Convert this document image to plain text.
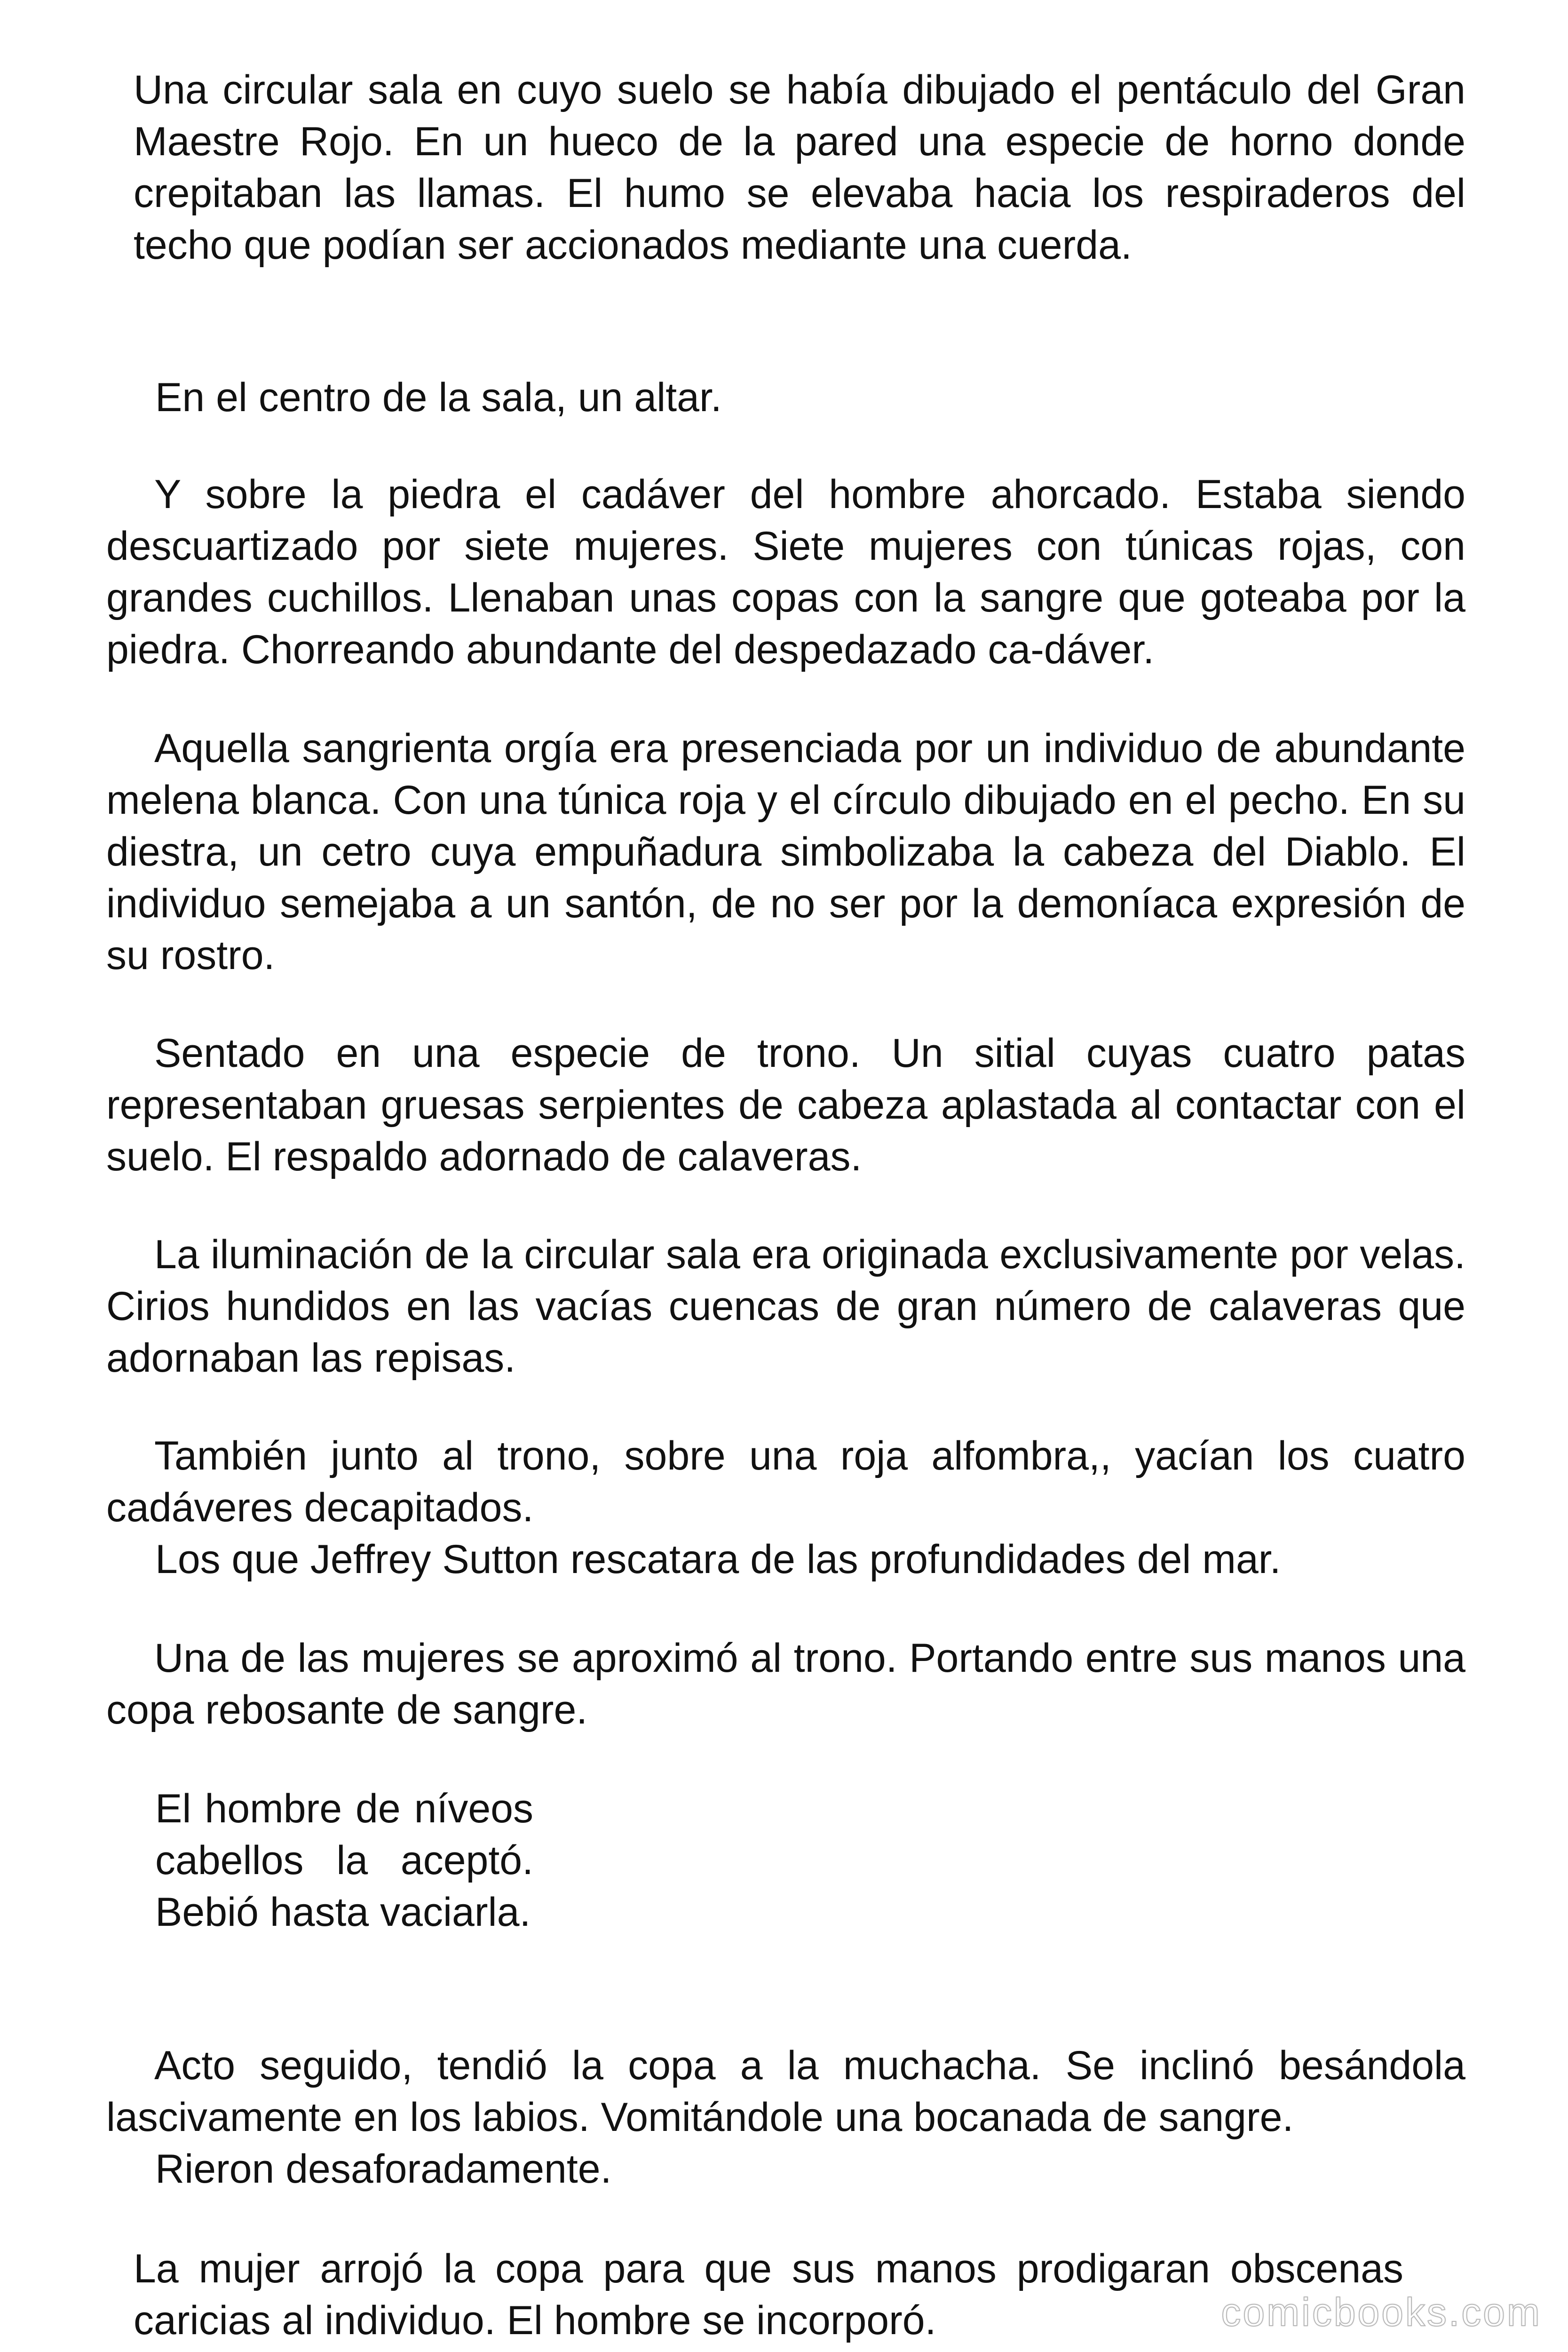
Una circular sala en cuyo suelo se había dibujado el pentáculo del Gran Maestre Rojo. En un hueco de la pared una especie de horno donde crepitaban las llamas. El humo se elevaba hacia los respiraderos del techo que podían ser accionados mediante una cuerda.

En el centro de la sala, un altar.

Y sobre la piedra el cadáver del hombre ahorcado. Estaba siendo descuartizado por siete mujeres. Siete mujeres con túnicas rojas, con grandes cuchillos. Llenaban unas copas con la sangre que goteaba por la piedra. Chorreando abundante del despedazado ca-dáver.

Aquella sangrienta orgía era presenciada por un individuo de abundante melena blanca. Con una túnica roja y el círculo dibujado en el pecho. En su diestra, un cetro cuya empuñadura simbolizaba la cabeza del Diablo. El individuo semejaba a un santón, de no ser por la demoníaca expresión de su rostro.

Sentado en una especie de trono. Un sitial cuyas cuatro patas representaban gruesas serpientes de cabeza aplastada al contactar con el suelo. El respaldo adornado de calaveras.

La iluminación de la circular sala era originada exclusivamente por velas. Cirios hundidos en las vacías cuencas de gran número de calaveras que adornaban las repisas.

También junto al trono, sobre una roja alfombra,, yacían los cuatro cadáveres decapitados.

Los que Jeffrey Sutton rescatara de las profundidades del mar.

Una de las mujeres se aproximó al trono. Portando entre sus manos una copa rebosante de sangre.

El hombre de níveos cabellos la aceptó. Bebió hasta vaciarla.

Acto seguido, tendió la copa a la muchacha. Se inclinó besándola lascivamente en los labios. Vomitándole una bocanada de sangre.

Rieron desaforadamente.

La mujer arrojó la copa para que sus manos prodigaran obscenas caricias al individuo. El hombre se incorporó.	comicbooks.com
